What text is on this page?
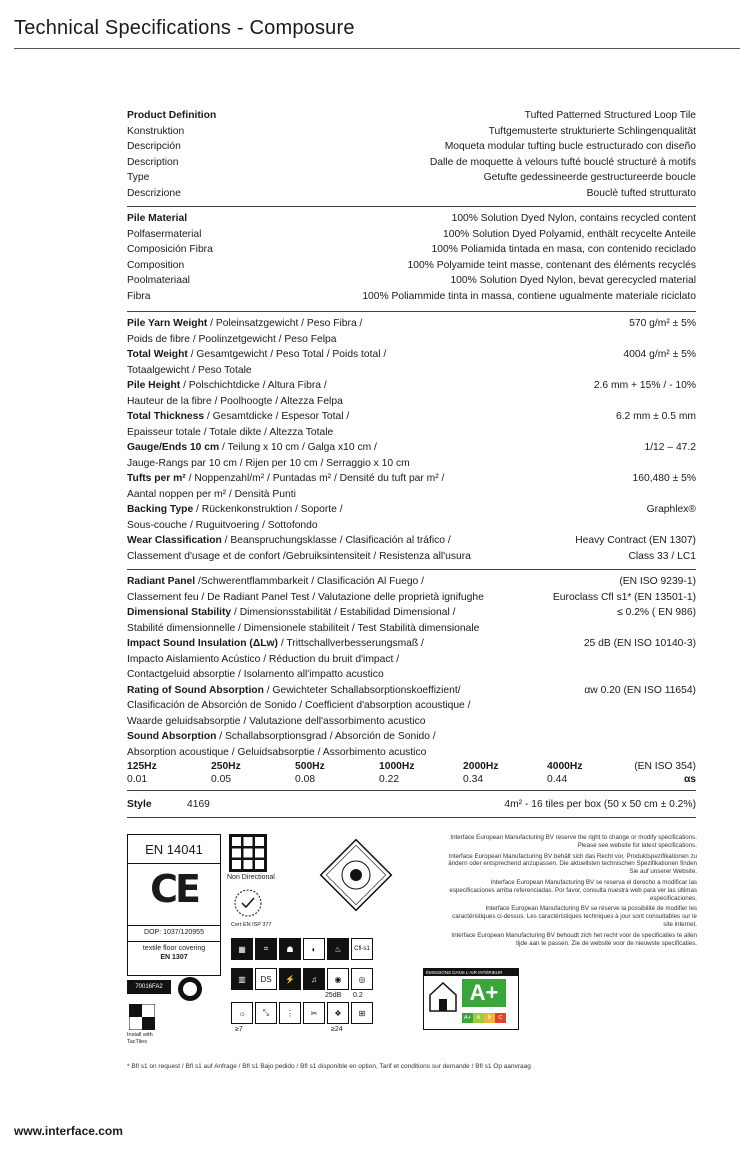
Technical Specifications - Composure
Product Definition	Tufted Patterned Structured Loop Tile
Konstruktion	Tuftgemusterte strukturierte Schlingenqualität
Descripción	Moqueta modular tufting bucle estructurado con diseño
Description	Dalle de moquette à velours tufté bouclé structuré à motifs
Type	Getufte gedessineerde gestructureerde boucle
Descrizione	Bouclè tufted strutturato
Pile Material	100% Solution Dyed Nylon, contains recycled content
Polfasermaterial	100% Solution Dyed Polyamid, enthält recycelte Anteile
Composición Fibra	100% Poliamida tintada en masa, con contenido reciclado
Composition	100% Polyamide teint masse, contenant des éléments recyclés
Poolmateriaal	100% Solution Dyed Nylon, bevat gerecycled material
Fibra	100% Poliammide tinta in massa, contiene ugualmente materiale riciclato
Pile Yarn Weight / Poleinsatzgewicht / Peso Fibra /
Poids de fibre / Poolinzetgewicht / Peso Felpa
570 g/m² ± 5%
Total Weight / Gesamtgewicht / Peso Total / Poids total /
Totaalgewicht / Peso Totale
4004 g/m² ± 5%
Pile Height / Polschichtdicke / Altura Fibra /
Hauteur de la fibre / Poolhoogte / Altezza Felpa
2.6 mm + 15% / - 10%
Total Thickness / Gesamtdicke / Espesor Total /
Epaisseur totale / Totale dikte / Altezza Totale
6.2 mm ± 0.5 mm
Gauge/Ends 10 cm / Teilung x 10 cm / Galga x10 cm /
Jauge-Rangs par 10 cm / Rijen per 10 cm / Serraggio x 10 cm
1/12 – 47.2
Tufts per m² / Noppenzahl/m² / Puntadas m² / Densité du tuft par m² /
Aantal noppen per m² / Densità Punti
160,480 ± 5%
Backing Type / Rückenkonstruktion / Soporte /
Sous-couche / Ruguitvoering / Sottofondo
Graphlex®
Wear Classification / Beanspruchungsklasse / Clasificación al tráfico /
Classement d'usage et de confort /Gebruiksintensiteit / Resistenza all'usura
Heavy Contract (EN 1307)
Class 33 / LC1
Radiant Panel /Schwerentflammbarkeit / Clasificación Al Fuego /
Classement feu / De Radiant Panel Test / Valutazione delle proprietà ignifughe
(EN ISO 9239-1)
Euroclass Cfl s1* (EN 13501-1)
Dimensional Stability / Dimensionsstabilität / Estabilidad Dimensional /
Stabilité dimensionnelle / Dimensionele stabiliteit / Test Stabilità dimensionale
≤ 0.2% ( EN 986)
Impact Sound Insulation (ΔLw) / Trittschallverbesserungsmaß /
Impacto Aislamiento Acústico / Réduction du bruit d'impact /
Contactgeluid absorptie / Isolamento all'impatto acustico
25 dB (EN ISO 10140-3)
Rating of Sound Absorption / Gewichteter Schallabsorptionskoeffizient/
Clasificación de Absorción de Sonido / Coefficient d'absorption acoustique /
Waarde geluidsabsorptie / Valutazione dell'assorbimento acustico
αw 0.20 (EN ISO 11654)
Sound Absorption / Schallabsorptionsgrad / Absorción de Sonido /
Absorption acoustique / Geluidsabsorptie / Assorbimento acustico
125Hz	250Hz	500Hz	1000Hz	2000Hz	4000Hz	(EN ISO 354)
0.01	0.05	0.08	0.22	0.34	0.44	αs
Style	4169	4m² - 16 tiles per box (50 x 50 cm ± 0.2%)
EN 14041
CE
DOP: 1037/120955
textile floor covering
EN 1307
Non Directional
Cert EN ISP 377
▦	⌗	☗	◐	♨	Cfl-s1
▥	DS	⚡	♫	◉	◎
25dB 0.2
☼	⤡	⋮	✂	❖	⊞
≥7	≥24
70016FA2
Install with TacTiles
ÉMISSIONS DANS L'AIR INTÉRIEUR
A+
A+	A	B	C

Interface European Manufacturing BV reserve the right to change or modify specifications. Please see website for latest specifications.

Interface European Manufacturing BV behält sich das Recht vor, Produktspezifikationen zu ändern oder entsprechend anzupassen. Die aktuellsten technischen Spezifikationen finden Sie auf unserer Website.

Interface European Manufacturing BV se reserva el derecho a modificar las especificaciones arriba referenciadas. Por favor, consulta nuestra web para ver las últimas especificaciones.

Interface European Manufacturing BV se réserve la possibilité de modifier les caractéristiques ci-dessus. Les caractéristiques techniques à jour sont consultables sur le site internet.

Interface European Manufacturing BV behoudt zich het recht voor de specificaties te allen tijde aan te passen. Zie de website voor de nieuwste specificaties.

* Bfl s1 on request / Bfl s1 auf Anfrage / Bfl s1 Bajo pedido / Bfl s1 disponible en option, Tarif et conditions sur demande / Bfl s1 Op aanvraag
www.interface.com
